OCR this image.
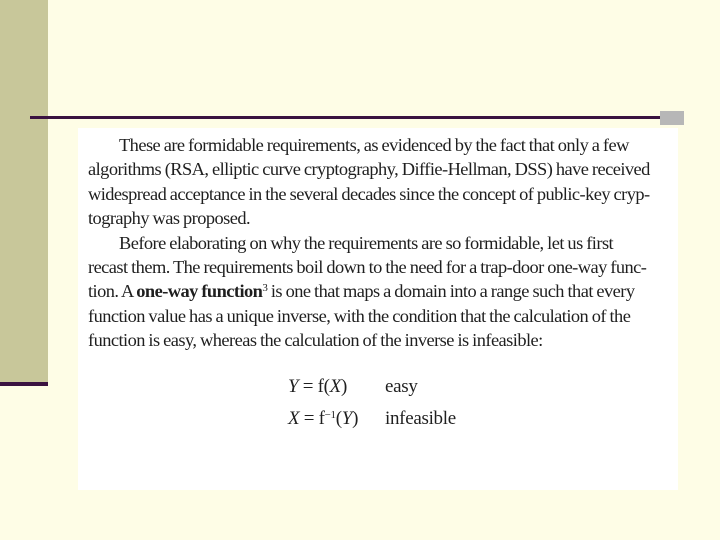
These are formidable requirements, as evidenced by the fact that only a few
algorithms (RSA, elliptic curve cryptography, Diffie-Hellman, DSS) have received
widespread acceptance in the several decades since the concept of public-key cryp-
tography was proposed.

Before elaborating on why the requirements are so formidable, let us first
recast them. The requirements boil down to the need for a trap-door one-way func-
tion. A one-way function$^3$ is one that maps a domain into a range such that every
function value has a unique inverse, with the condition that the calculation of the
function is easy, whereas the calculation of the inverse is infeasible:

Y = f(X)	easy
$X = f^{-1}(Y)$	infeasible
